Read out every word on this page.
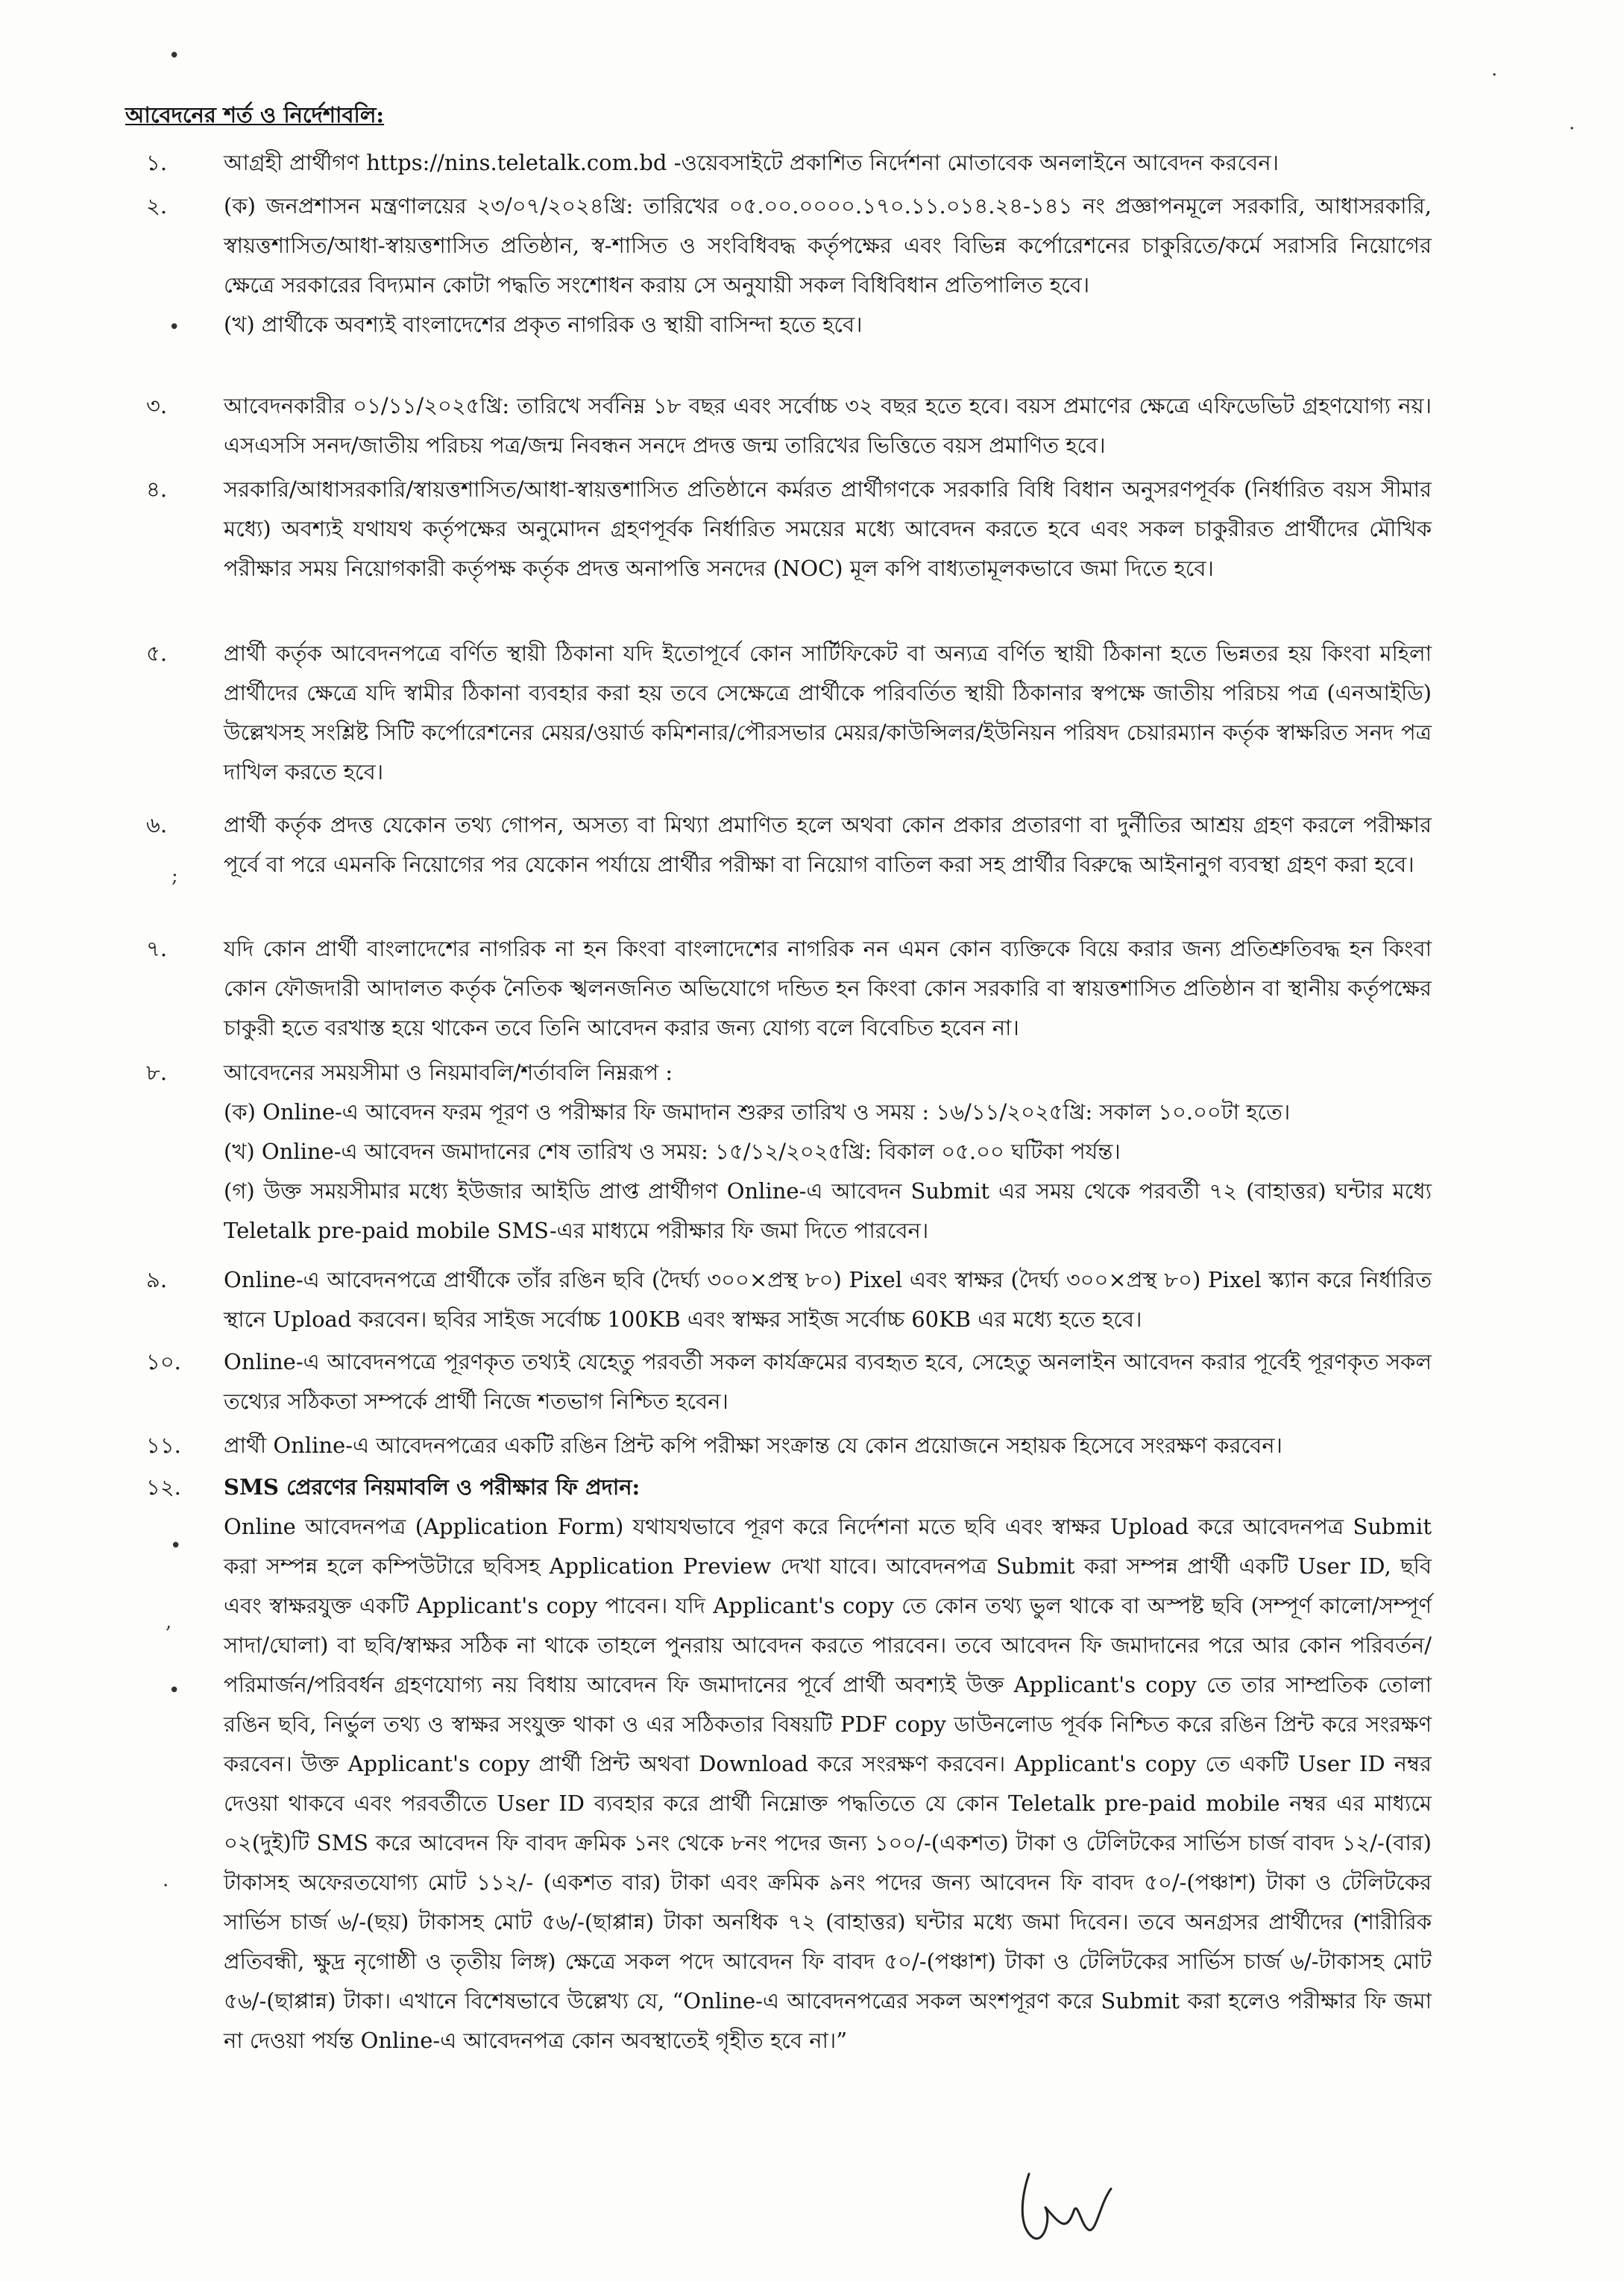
আবেদনের শর্ত ও নির্দেশাবলি:
১.	আগ্রহী প্রার্থীগণ https://nins.teletalk.com.bd -ওয়েবসাইটে প্রকাশিত নির্দেশনা মোতাবেক অনলাইনে আবেদন করবেন।
২.	(ক) জনপ্রশাসন মন্ত্রণালয়ের ২৩/০৭/২০২৪খ্রি: তারিখের ০৫.০০.০০০০.১৭০.১১.০১৪.২৪-১৪১ নং প্রজ্ঞাপনমূলে সরকারি, আধাসরকারি, স্বায়ত্তশাসিত/আধা-স্বায়ত্তশাসিত প্রতিষ্ঠান, স্ব-শাসিত ও সংবিধিবদ্ধ কর্তৃপক্ষের এবং বিভিন্ন কর্পোরেশনের চাকুরিতে/কর্মে সরাসরি নিয়োগের ক্ষেত্রে সরকারের বিদ্যমান কোটা পদ্ধতি সংশোধন করায় সে অনুযায়ী সকল বিধিবিধান প্রতিপালিত হবে।
(খ) প্রার্থীকে অবশ্যই বাংলাদেশের প্রকৃত নাগরিক ও স্থায়ী বাসিন্দা হতে হবে।
৩.	আবেদনকারীর ০১/১১/২০২৫খ্রি: তারিখে সর্বনিম্ন ১৮ বছর এবং সর্বোচ্চ ৩২ বছর হতে হবে। বয়স প্রমাণের ক্ষেত্রে এফিডেভিট গ্রহণযোগ্য নয়। এসএসসি সনদ/জাতীয় পরিচয় পত্র/জন্ম নিবন্ধন সনদে প্রদত্ত জন্ম তারিখের ভিত্তিতে বয়স প্রমাণিত হবে।
৪.	সরকারি/আধাসরকারি/স্বায়ত্তশাসিত/আধা-স্বায়ত্তশাসিত প্রতিষ্ঠানে কর্মরত প্রার্থীগণকে সরকারি বিধি বিধান অনুসরণপূর্বক (নির্ধারিত বয়স সীমার মধ্যে) অবশ্যই যথাযথ কর্তৃপক্ষের অনুমোদন গ্রহণপূর্বক নির্ধারিত সময়ের মধ্যে আবেদন করতে হবে এবং সকল চাকুরীরত প্রার্থীদের মৌখিক পরীক্ষার সময় নিয়োগকারী কর্তৃপক্ষ কর্তৃক প্রদত্ত অনাপত্তি সনদের (NOC) মূল কপি বাধ্যতামূলকভাবে জমা দিতে হবে।
৫.	প্রার্থী কর্তৃক আবেদনপত্রে বর্ণিত স্থায়ী ঠিকানা যদি ইতোপূর্বে কোন সার্টিফিকেট বা অন্যত্র বর্ণিত স্থায়ী ঠিকানা হতে ভিন্নতর হয় কিংবা মহিলা প্রার্থীদের ক্ষেত্রে যদি স্বামীর ঠিকানা ব্যবহার করা হয় তবে সেক্ষেত্রে প্রার্থীকে পরিবর্তিত স্থায়ী ঠিকানার স্বপক্ষে জাতীয় পরিচয় পত্র (এনআইডি) উল্লেখসহ সংশ্লিষ্ট সিটি কর্পোরেশনের মেয়র/ওয়ার্ড কমিশনার/পৌরসভার মেয়র/কাউন্সিলর/ইউনিয়ন পরিষদ চেয়ারম্যান কর্তৃক স্বাক্ষরিত সনদ পত্র দাখিল করতে হবে।
৬.	প্রার্থী কর্তৃক প্রদত্ত যেকোন তথ্য গোপন, অসত্য বা মিথ্যা প্রমাণিত হলে অথবা কোন প্রকার প্রতারণা বা দুর্নীতির আশ্রয় গ্রহণ করলে পরীক্ষার পূর্বে বা পরে এমনকি নিয়োগের পর যেকোন পর্যায়ে প্রার্থীর পরীক্ষা বা নিয়োগ বাতিল করা সহ প্রার্থীর বিরুদ্ধে আইনানুগ ব্যবস্থা গ্রহণ করা হবে।
৭.	যদি কোন প্রার্থী বাংলাদেশের নাগরিক না হন কিংবা বাংলাদেশের নাগরিক নন এমন কোন ব্যক্তিকে বিয়ে করার জন্য প্রতিশ্রুতিবদ্ধ হন কিংবা কোন ফৌজদারী আদালত কর্তৃক নৈতিক স্খলনজনিত অভিযোগে দন্ডিত হন কিংবা কোন সরকারি বা স্বায়ত্তশাসিত প্রতিষ্ঠান বা স্থানীয় কর্তৃপক্ষের চাকুরী হতে বরখাস্ত হয়ে থাকেন তবে তিনি আবেদন করার জন্য যোগ্য বলে বিবেচিত হবেন না।
৮.	আবেদনের সময়সীমা ও নিয়মাবলি/শর্তাবলি নিম্নরূপ :
(ক) Online-এ আবেদন ফরম পূরণ ও পরীক্ষার ফি জমাদান শুরুর তারিখ ও সময় : ১৬/১১/২০২৫খ্রি: সকাল ১০.০০টা হতে।
(খ) Online-এ আবেদন জমাদানের শেষ তারিখ ও সময়: ১৫/১২/২০২৫খ্রি: বিকাল ০৫.০০ ঘটিকা পর্যন্ত।
(গ) উক্ত সময়সীমার মধ্যে ইউজার আইডি প্রাপ্ত প্রার্থীগণ Online-এ আবেদন Submit এর সময় থেকে পরবর্তী ৭২ (বাহাত্তর) ঘন্টার মধ্যে Teletalk pre-paid mobile SMS-এর মাধ্যমে পরীক্ষার ফি জমা দিতে পারবেন।
৯.	Online-এ আবেদনপত্রে প্রার্থীকে তাঁর রঙিন ছবি (দৈর্ঘ্য ৩০০×প্রস্থ ৮০) Pixel এবং স্বাক্ষর (দৈর্ঘ্য ৩০০×প্রস্থ ৮০) Pixel স্ক্যান করে নির্ধারিত স্থানে Upload করবেন। ছবির সাইজ সর্বোচ্চ 100KB এবং স্বাক্ষর সাইজ সর্বোচ্চ 60KB এর মধ্যে হতে হবে।
১০. Online-এ আবেদনপত্রে পূরণকৃত তথ্যই যেহেতু পরবর্তী সকল কার্যক্রমের ব্যবহৃত হবে, সেহেতু অনলাইন আবেদন করার পূর্বেই পূরণকৃত সকল তথ্যের সঠিকতা সম্পর্কে প্রার্থী নিজে শতভাগ নিশ্চিত হবেন।
১১. প্রার্থী Online-এ আবেদনপত্রের একটি রঙিন প্রিন্ট কপি পরীক্ষা সংক্রান্ত যে কোন প্রয়োজনে সহায়ক হিসেবে সংরক্ষণ করবেন।
১২. SMS প্রেরণের নিয়মাবলি ও পরীক্ষার ফি প্রদান:
Online আবেদনপত্র (Application Form) যথাযথভাবে পূরণ করে নির্দেশনা মতে ছবি এবং স্বাক্ষর Upload করে আবেদনপত্র Submit করা সম্পন্ন হলে কম্পিউটারে ছবিসহ Application Preview দেখা যাবে। আবেদনপত্র Submit করা সম্পন্ন প্রার্থী একটি User ID, ছবি এবং স্বাক্ষরযুক্ত একটি Applicant's copy পাবেন। যদি Applicant's copy তে কোন তথ্য ভুল থাকে বা অস্পষ্ট ছবি (সম্পূর্ণ কালো/সম্পূর্ণ সাদা/ঘোলা) বা ছবি/স্বাক্ষর সঠিক না থাকে তাহলে পুনরায় আবেদন করতে পারবেন। তবে আবেদন ফি জমাদানের পরে আর কোন পরিবর্তন/পরিমার্জন/পরিবর্ধন গ্রহণযোগ্য নয় বিধায় আবেদন ফি জমাদানের পূর্বে প্রার্থী অবশ্যই উক্ত Applicant's copy তে তার সাম্প্রতিক তোলা রঙিন ছবি, নির্ভুল তথ্য ও স্বাক্ষর সংযুক্ত থাকা ও এর সঠিকতার বিষয়টি PDF copy ডাউনলোড পূর্বক নিশ্চিত করে রঙিন প্রিন্ট করে সংরক্ষণ করবেন। উক্ত Applicant's copy প্রার্থী প্রিন্ট অথবা Download করে সংরক্ষণ করবেন। Applicant's copy তে একটি User ID নম্বর দেওয়া থাকবে এবং পরবর্তীতে User ID ব্যবহার করে প্রার্থী নিম্নোক্ত পদ্ধতিতে যে কোন Teletalk pre-paid mobile নম্বর এর মাধ্যমে ০২(দুই)টি SMS করে আবেদন ফি বাবদ ক্রমিক ১নং থেকে ৮নং পদের জন্য ১০০/-(একশত) টাকা ও টেলিটকের সার্ভিস চার্জ বাবদ ১২/-(বার) টাকাসহ অফেরতযোগ্য মোট ১১২/- (একশত বার) টাকা এবং ক্রমিক ৯নং পদের জন্য আবেদন ফি বাবদ ৫০/-(পঞ্চাশ) টাকা ও টেলিটকের সার্ভিস চার্জ ৬/-(ছয়) টাকাসহ মোট ৫৬/-(ছাপ্পান্ন) টাকা অনধিক ৭২ (বাহাত্তর) ঘন্টার মধ্যে জমা দিবেন। তবে অনগ্রসর প্রার্থীদের (শারীরিক প্রতিবন্ধী, ক্ষুদ্র নৃগোষ্ঠী ও তৃতীয় লিঙ্গ) ক্ষেত্রে সকল পদে আবেদন ফি বাবদ ৫০/-(পঞ্চাশ) টাকা ও টেলিটকের সার্ভিস চার্জ ৬/-টাকাসহ মোট ৫৬/-(ছাপ্পান্ন) টাকা। এখানে বিশেষভাবে উল্লেখ্য যে, “Online-এ আবেদনপত্রের সকল অংশপূরণ করে Submit করা হলেও পরীক্ষার ফি জমা না দেওয়া পর্যন্ত Online-এ আবেদনপত্র কোন অবস্থাতেই গৃহীত হবে না।”
•
·
·
•
;
•
,
•
·
